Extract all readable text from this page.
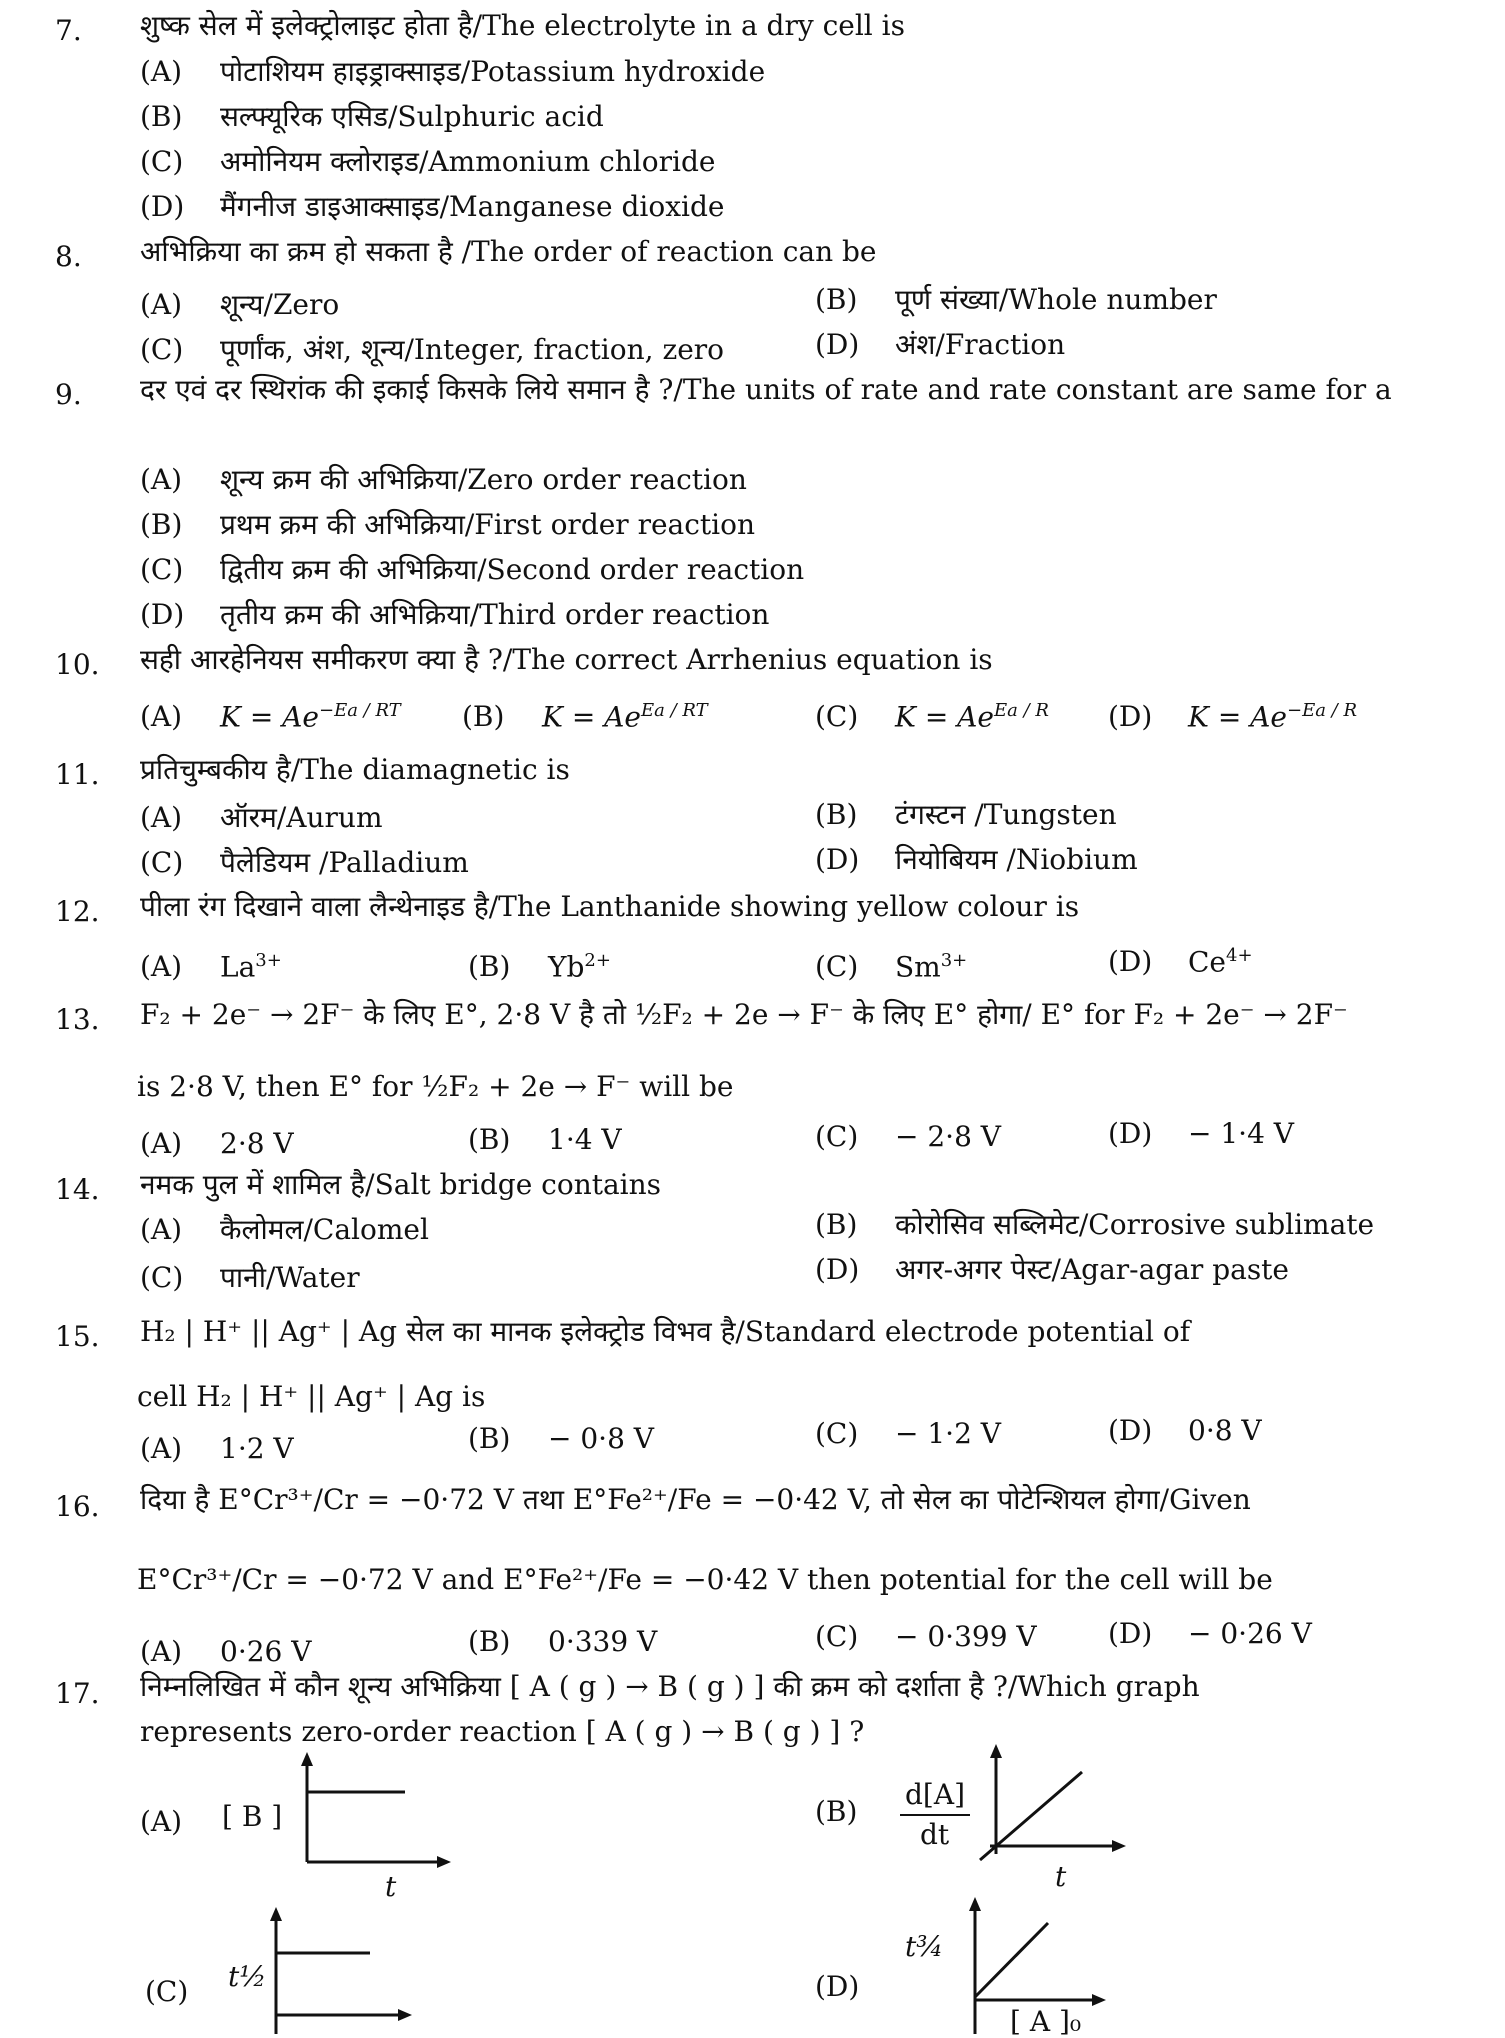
7.	शुष्क सेल में इलेक्ट्रोलाइट होता है/The electrolyte in a dry cell is
(A) पोटाशियम हाइड्राक्साइड/Potassium hydroxide
(B) सल्फ्यूरिक एसिड/Sulphuric acid
(C) अमोनियम क्लोराइड/Ammonium chloride
(D) मैंगनीज डाइआक्साइड/Manganese dioxide
8.	अभिक्रिया का क्रम हो सकता है /The order of reaction can be
(A) शून्य/Zero	(B) पूर्ण संख्या/Whole number
(C) पूर्णांक, अंश, शून्य/Integer, fraction, zero	(D) अंश/Fraction
9.	दर एवं दर स्थिरांक की इकाई किसके लिये समान है ?/The units of rate and rate constant are same for a
(A) शून्य क्रम की अभिक्रिया/Zero order reaction
(B) प्रथम क्रम की अभिक्रिया/First order reaction
(C) द्वितीय क्रम की अभिक्रिया/Second order reaction
(D) तृतीय क्रम की अभिक्रिया/Third order reaction
10.	सही आरहेनियस समीकरण क्या है ?/The correct Arrhenius equation is
(A) $K = Ae^{-Ea / RT}$ (B) $K = Ae^{Ea / RT}$	(C) $K = Ae^{Ea / R}$ (D) $K = Ae^{-Ea / R}$
11.	प्रतिचुम्बकीय है/The diamagnetic is
(A) ऑरम/Aurum	(B) टंगस्टन /Tungsten
(C) पैलेडियम /Palladium	(D) नियोबियम /Niobium
12.	पीला रंग दिखाने वाला लैन्थेनाइड है/The Lanthanide showing yellow colour is
(A) $La^{3+}$	(B) $Yb^{2+}$	(C) $Sm^{3+}$	(D) $Ce^{4+}$
13.	F₂ + 2e⁻ → 2F⁻ के लिए E°, 2·8 V है तो ½F₂ + 2e → F⁻ के लिए E° होगा/ E° for F₂ + 2e⁻ → 2F⁻
is 2·8 V, then E° for ½F₂ + 2e → F⁻ will be
(A) 2·8 V	(B) 1·4 V	(C) − 2·8 V	(D) − 1·4 V
14.	नमक पुल में शामिल है/Salt bridge contains
(A) कैलोमल/Calomel	(B) कोरोसिव सब्लिमेट/Corrosive sublimate
(C) पानी/Water	(D) अगर-अगर पेस्ट/Agar-agar paste
15.	H₂ | H⁺ || Ag⁺ | Ag सेल का मानक इलेक्ट्रोड विभव है/Standard electrode potential of
cell H₂ | H⁺ || Ag⁺ | Ag is
(A) 1·2 V	(B) − 0·8 V	(C) − 1·2 V	(D) 0·8 V
16.	दिया है E°Cr³⁺/Cr = −0·72 V तथा E°Fe²⁺/Fe = −0·42 V, तो सेल का पोटेन्शियल होगा/Given
E°Cr³⁺/Cr = −0·72 V and E°Fe²⁺/Fe = −0·42 V then potential for the cell will be
(A) 0·26 V	(B) 0·339 V	(C) − 0·399 V	(D) − 0·26 V
17.	निम्नलिखित में कौन शून्य अभिक्रिया [ A ( g ) → B ( g ) ] की क्रम को दर्शाता है ?/Which graph
represents zero-order reaction [ A ( g ) → B ( g ) ] ?
(A) [ B ]
t
(B)
d[A]
dt
t
(C) t½	(D)
t¾
[ A ]₀
